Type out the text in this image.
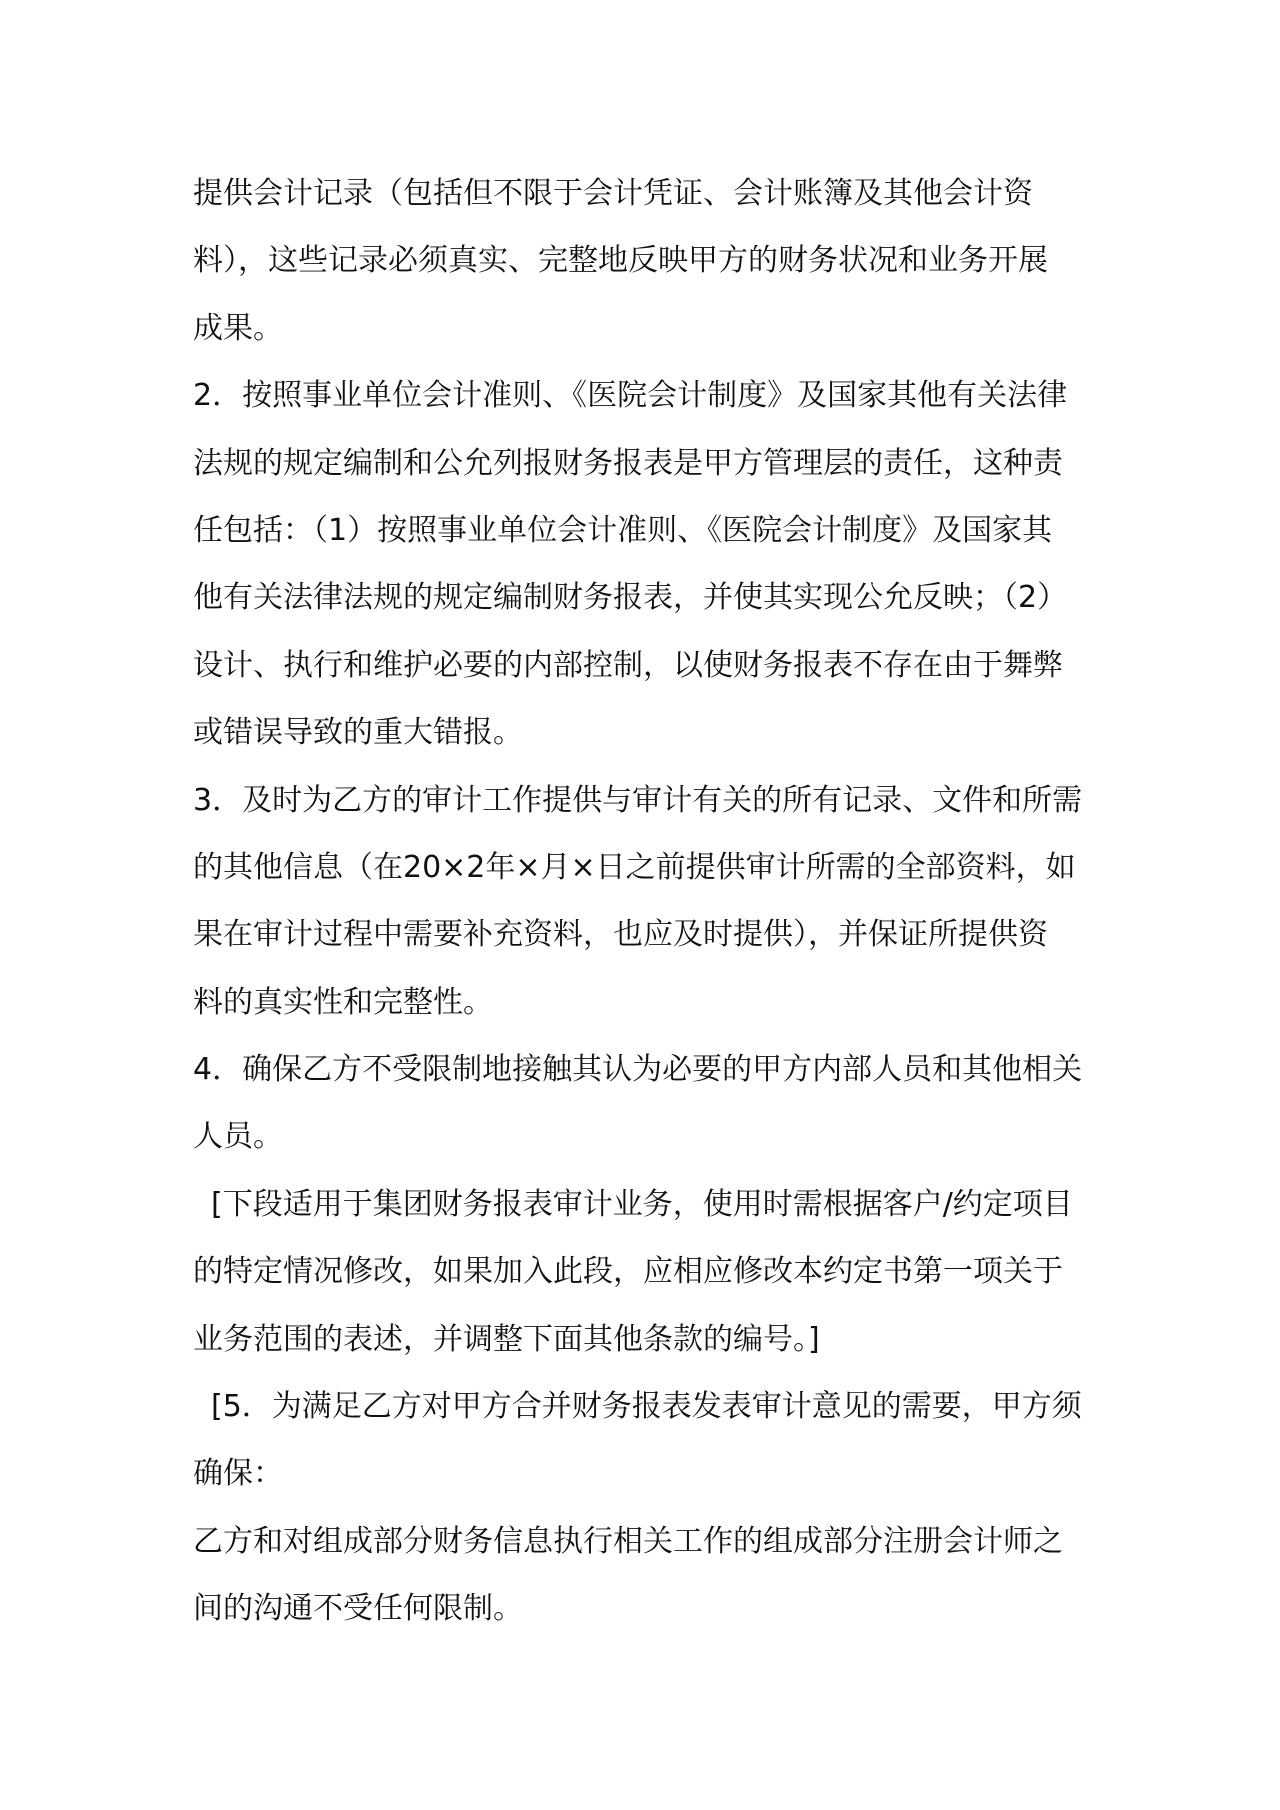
提供会计记录（包括但不限于会计凭证、会计账簿及其他会计资
料），这些记录必须真实、完整地反映甲方的财务状况和业务开展
成果。
2．按照事业单位会计准则、《医院会计制度》及国家其他有关法律
法规的规定编制和公允列报财务报表是甲方管理层的责任，这种责
任包括：（1）按照事业单位会计准则、《医院会计制度》及国家其
他有关法律法规的规定编制财务报表，并使其实现公允反映；（2）
设计、执行和维护必要的内部控制，以使财务报表不存在由于舞弊
或错误导致的重大错报。
3．及时为乙方的审计工作提供与审计有关的所有记录、文件和所需
的其他信息（在20×2年×月×日之前提供审计所需的全部资料，如
果在审计过程中需要补充资料，也应及时提供），并保证所提供资
料的真实性和完整性。
4．确保乙方不受限制地接触其认为必要的甲方内部人员和其他相关
人员。
[下段适用于集团财务报表审计业务，使用时需根据客户/约定项目
的特定情况修改，如果加入此段，应相应修改本约定书第一项关于
业务范围的表述，并调整下面其他条款的编号。]
[5．为满足乙方对甲方合并财务报表发表审计意见的需要，甲方须
确保：
乙方和对组成部分财务信息执行相关工作的组成部分注册会计师之
间的沟通不受任何限制。
